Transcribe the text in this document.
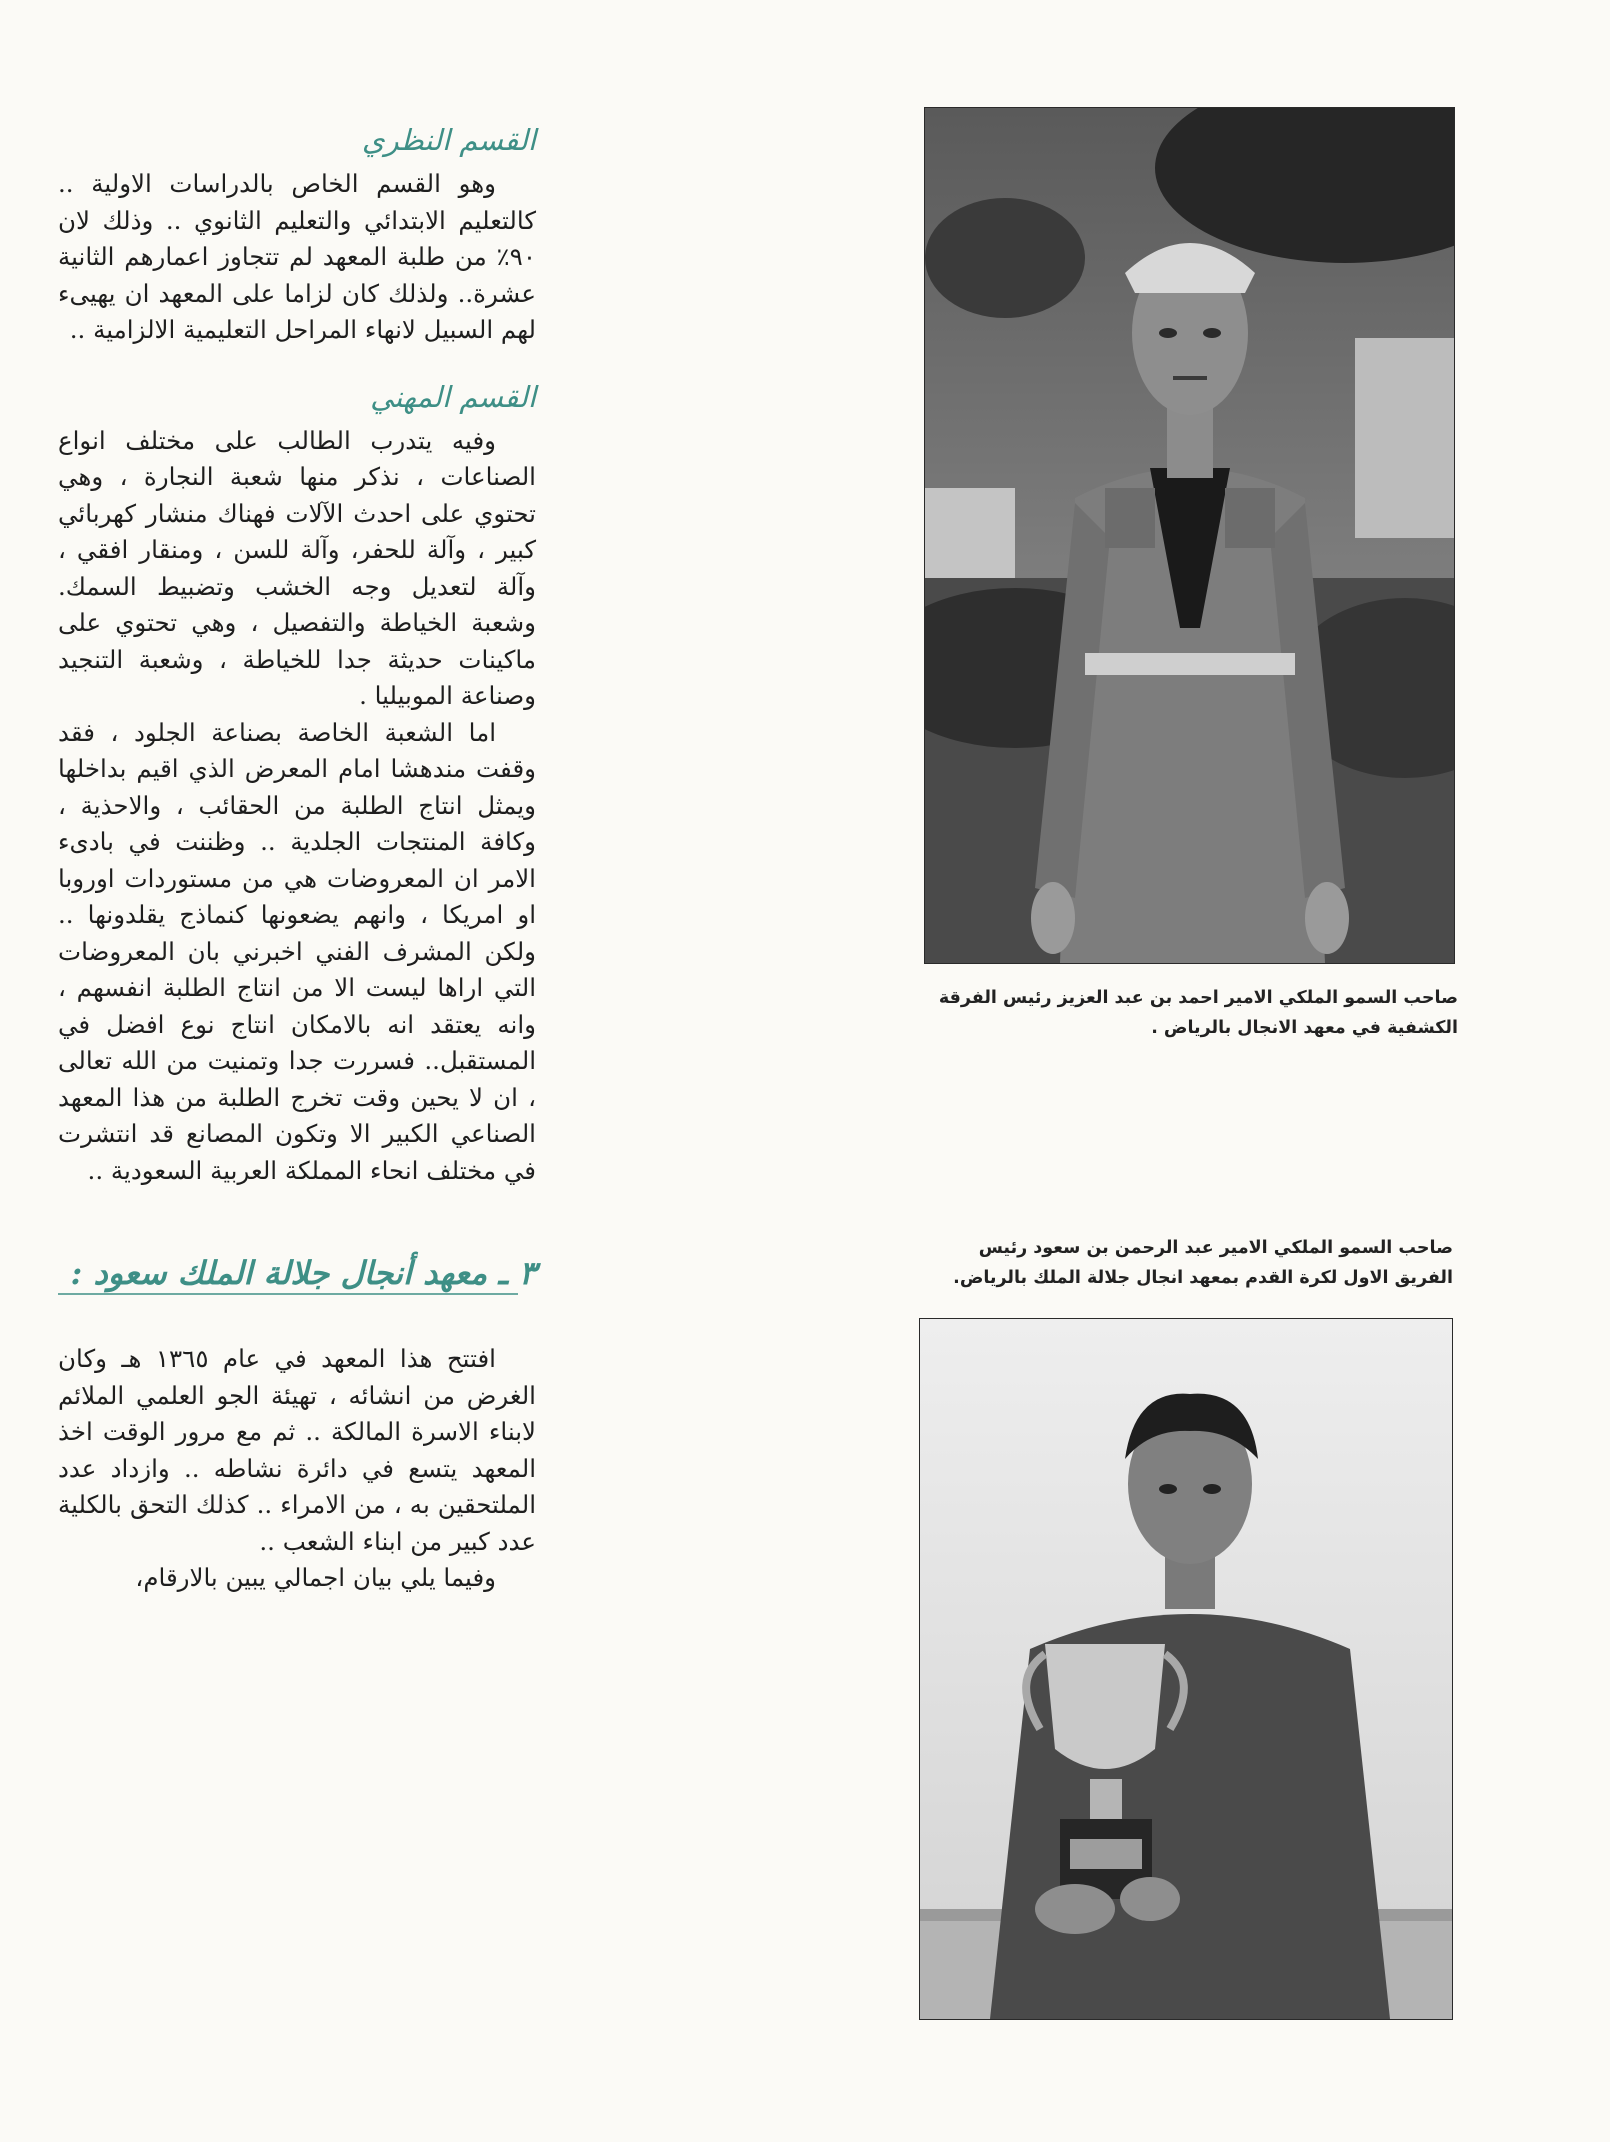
القسم النظري

وهو القسم الخاص بالدراسات الاولية .. كالتعليم الابتدائي والتعليم الثانوي .. وذلك لان ٩٠٪ من طلبة المعهد لم تتجاوز اعمارهم الثانية عشرة.. ولذلك كان لزاما على المعهد ان يهيىء لهم السبيل لانهاء المراحل التعليمية الالزامية ..

القسم المهني

وفيه يتدرب الطالب على مختلف انواع الصناعات ، نذكر منها شعبة النجارة ، وهي تحتوي على احدث الآلات فهناك منشار كهربائي كبير ، وآلة للحفر، وآلة للسن ، ومنقار افقي ، وآلة لتعديل وجه الخشب وتضبيط السمك. وشعبة الخياطة والتفصيل ، وهي تحتوي على ماكينات حديثة جدا للخياطة ، وشعبة التنجيد وصناعة الموبيليا .

اما الشعبة الخاصة بصناعة الجلود ، فقد وقفت مندهشا امام المعرض الذي اقيم بداخلها ويمثل انتاج الطلبة من الحقائب ، والاحذية ، وكافة المنتجات الجلدية .. وظننت في بادىء الامر ان المعروضات هي من مستوردات اوروبا او امريكا ، وانهم يضعونها كنماذج يقلدونها .. ولكن المشرف الفني اخبرني بان المعروضات التي اراها ليست الا من انتاج الطلبة انفسهم ، وانه يعتقد انه بالامكان انتاج نوع افضل في المستقبل.. فسررت جدا وتمنيت من الله تعالى ، ان لا يحين وقت تخرج الطلبة من هذا المعهد الصناعي الكبير الا وتكون المصانع قد انتشرت في مختلف انحاء المملكة العربية السعودية ..

٣ ـ معهد أنجال جلالة الملك سعود :

افتتح هذا المعهد في عام ١٣٦٥ هـ وكان الغرض من انشائه ، تهيئة الجو العلمي الملائم لابناء الاسرة المالكة .. ثم مع مرور الوقت اخذ المعهد يتسع في دائرة نشاطه .. وازداد عدد الملتحقين به ، من الامراء .. كذلك التحق بالكلية عدد كبير من ابناء الشعب ..

وفيما يلي بيان اجمالي يبين بالارقام،

صاحب السمو الملكي الامير احمد بن عبد العزيز رئيس الفرقة الكشفية في معهد الانجال بالرياض .
صاحب السمو الملكي الامير عبد الرحمن بن سعود رئيس الفريق الاول لكرة القدم بمعهد انجال جلالة الملك بالرياض.
